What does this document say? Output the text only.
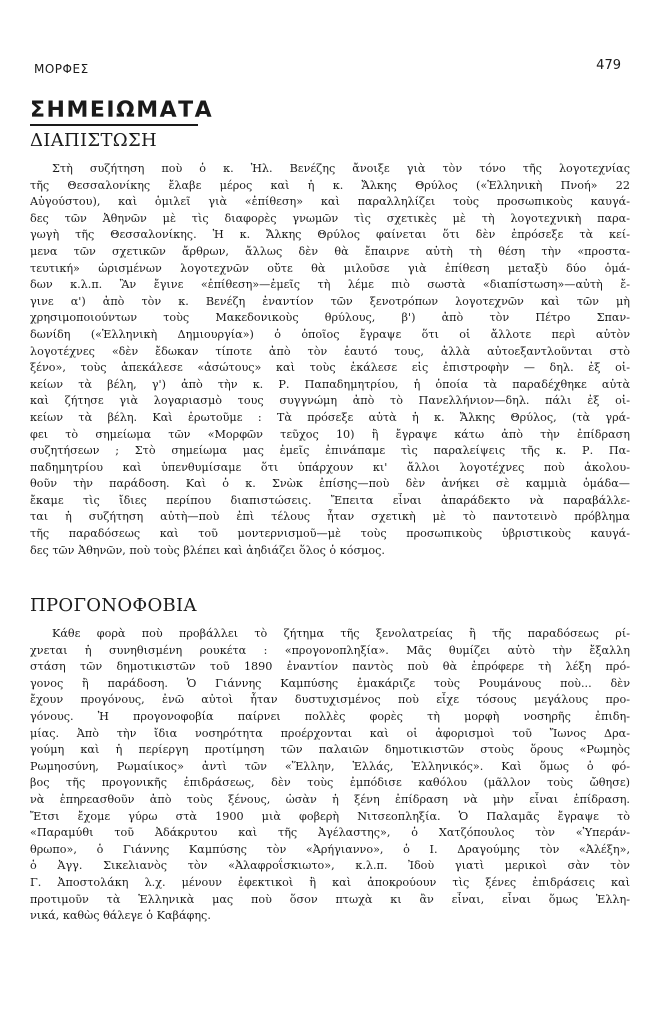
ΜΟΡΦΕΣ	479
ΣΗΜΕΙΩΜΑΤΑ
ΔΙΑΠΙΣΤΩΣΗ
Στὴ συζήτηση ποὺ ὁ κ. Ἠλ. Βενέζης ἄνοιξε γιὰ τὸν τόνο τῆς λογοτεχνίας
τῆς Θεσσαλονίκης ἔλαβε μέρος καὶ ἡ κ. Ἄλκης Θρύλος («Ἑλληνικὴ Πνοή» 22
Αὐγούστου), καὶ ὁμιλεῖ γιὰ «ἐπίθεση» καὶ παραλληλίζει τοὺς προσωπικοὺς καυγά-
δες τῶν Ἀθηνῶν μὲ τὶς διαφορὲς γνωμῶν τὶς σχετικὲς μὲ τὴ λογοτεχνικὴ παρα-
γωγὴ τῆς Θεσσαλονίκης. Ἡ κ. Ἄλκης Θρύλος φαίνεται ὅτι δὲν ἐπρόσεξε τὰ κεί-
μενα τῶν σχετικῶν ἄρθρων, ἄλλως δὲν θὰ ἔπαιρνε αὐτὴ τὴ θέση τὴν «προστα-
τευτική» ὡρισμένων λογοτεχνῶν οὔτε θὰ μιλοῦσε γιὰ ἐπίθεση μεταξὺ δύο ὁμά-
δων κ.λ.π. Ἂν ἔγινε «ἐπίθεση»—ἐμεῖς τὴ λέμε πιὸ σωστὰ «διαπίστωση»—αὐτὴ ἔ-
γινε α') ἀπὸ τὸν κ. Βενέζη ἐναντίον τῶν ξενοτρόπων λογοτεχνῶν καὶ τῶν μὴ
χρησιμοποιούντων τοὺς Μακεδονικοὺς θρύλους, β') ἀπὸ τὸν Πέτρο Σπαν-
δωνίδη («Ἑλληνικὴ Δημιουργία») ὁ ὁποῖος ἔγραψε ὅτι οἱ ἄλλοτε περὶ αὐτὸν
λογοτέχνες «δὲν ἔδωκαν τίποτε ἀπὸ τὸν ἑαυτό τους, ἀλλὰ αὐτοεξαντλοῦνται στὸ
ξένο», τοὺς ἀπεκάλεσε «ἀσώτους» καὶ τοὺς ἐκάλεσε εἰς ἐπιστροφὴν — δηλ. ἐξ οἰ-
κείων τὰ βέλη, γ') ἀπὸ τὴν κ. Ρ. Παπαδημητρίου, ἡ ὁποία τὰ παραδέχθηκε αὐτὰ
καὶ ζήτησε γιὰ λογαριασμὸ τους συγγνώμη ἀπὸ τὸ Πανελλήνιον—δηλ. πάλι ἐξ οἰ-
κείων τὰ βέλη. Καὶ ἐρωτοῦμε : Τὰ πρόσεξε αὐτὰ ἡ κ. Ἄλκης Θρύλος, (τὰ γρά-
φει τὸ σημείωμα τῶν «Μορφῶν τεῦχος 10) ἢ ἔγραψε κάτω ἀπὸ τὴν ἐπίδραση
συζητήσεων ; Στὸ σημείωμα μας ἐμεῖς ἐπινάπαμε τὶς παραλείψεις τῆς κ. Ρ. Πα-
παδημητρίου καὶ ὑπενθυμίσαμε ὅτι ὑπάρχουν κι' ἄλλοι λογοτέχνες ποὺ ἀκολου-
θοῦν τὴν παράδοση. Καὶ ὁ κ. Σνὼκ ἐπίσης—ποὺ δὲν ἀνήκει σὲ καμμιὰ ὁμάδα—
ἔκαμε τὶς ἴδιες περίπου διαπιστώσεις. Ἔπειτα εἶναι ἀπαράδεκτο νὰ παραβάλλε-
ται ἡ συζήτηση αὐτὴ—ποὺ ἐπὶ τέλους ἦταν σχετικὴ μὲ τὸ παντοτεινὸ πρόβλημα
τῆς παραδόσεως καὶ τοῦ μοντερνισμοῦ—μὲ τοὺς προσωπικοὺς ὑβριστικοὺς καυγά-
δες τῶν Ἀθηνῶν, ποὺ τοὺς βλέπει καὶ ἀηδιάζει ὅλος ὁ κόσμος.
ΠΡΟΓΟΝΟΦΟΒΙΑ
Κάθε φορὰ ποὺ προβάλλει τὸ ζήτημα τῆς ξενολατρείας ἢ τῆς παραδόσεως ρί-
χνεται ἡ συνηθισμένη ρουκέτα : «προγονοπληξία». Μᾶς θυμίζει αὐτὸ τὴν ἔξαλλη
στάση τῶν δημοτικιστῶν τοῦ 1890 ἐναντίον παντὸς ποὺ θὰ ἐπρόφερε τὴ λέξη πρό-
γονος ἢ παράδοση. Ὁ Γιάννης Καμπύσης ἐμακάριζε τοὺς Ρουμάνους ποὺ... δὲν
ἔχουν προγόνους, ἐνῶ αὐτοὶ ἦταν δυστυχισμένος ποὺ εἶχε τόσους μεγάλους προ-
γόνους. Ἡ προγονοφοβία παίρνει πολλὲς φορὲς τὴ μορφὴ νοσηρῆς ἐπιδη-
μίας. Ἀπὸ τὴν ἴδια νοσηρότητα προέρχονται καὶ οἱ ἀφορισμοὶ τοῦ Ἴωνος Δρα-
γούμη καὶ ἡ περίεργη προτίμηση τῶν παλαιῶν δημοτικιστῶν στοὺς ὅρους «Ρωμηὸς
Ρωμηοσύνη, Ρωμαίικος» ἀντὶ τῶν «Ἕλλην, Ἑλλάς, Ἑλληνικός». Καὶ ὅμως ὁ φό-
βος τῆς προγονικῆς ἐπιδράσεως, δὲν τοὺς ἐμπόδισε καθόλου (μᾶλλον τοὺς ὤθησε)
νὰ ἐπηρεασθοῦν ἀπὸ τοὺς ξένους, ὡσὰν ἡ ξένη ἐπίδραση νὰ μὴν εἶναι ἐπίδραση.
Ἔτσι ἔχομε γύρω στὰ 1900 μιὰ φοβερὴ Νιτσεοπληξία. Ὁ Παλαμᾶς ἔγραψε τὸ
«Παραμύθι τοῦ Ἀδάκρυτου καὶ τῆς Ἀγέλαστης», ὁ Χατζόπουλος τὸν «Ὑπεράν-
θρωπο», ὁ Γιάννης Καμπύσης τὸν «Ἀρήγιαννο», ὁ Ι. Δραγούμης τὸν «Ἀλέξη»,
ὁ Ἀγγ. Σικελιανὸς τὸν «Ἀλαφροΐσκιωτο», κ.λ.π. Ἰδοὺ γιατὶ μερικοὶ σὰν τὸν
Γ. Ἀποστολάκη λ.χ. μένουν ἐφεκτικοὶ ἢ καὶ ἀποκρούουν τὶς ξένες ἐπιδράσεις καὶ
προτιμοῦν τὰ Ἑλληνικὰ μας ποὺ ὅσον πτωχὰ κι ἂν εἶναι, εἶναι ὅμως Ἑλλη-
νικά, καθὼς θάλεγε ὁ Καβάφης.
